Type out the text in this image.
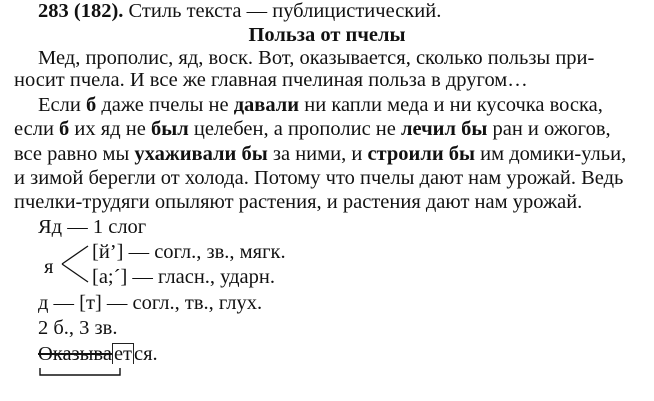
283 (182). Стиль текста — публицистический.
Польза от пчелы
Мед, прополис, яд, воск. Вот, оказывается, сколько пользы при-
носит пчела. И все же главная пчелиная польза в другом…
Если б даже пчелы не давали ни капли меда и ни кусочка воска,
если б их яд не был целебен, а прополис не лечил бы ран и ожогов,
все равно мы ухаживали бы за ними, и строили бы им домики-ульи,
и зимой берегли от холода. Потому что пчелы дают нам урожай. Ведь
пчелки-трудяги опыляют растения, и растения дают нам урожай.
Яд — 1 слог
я
[й’] — согл., зв., мягк.
[а;´] — гласн., ударн.
д — [т] — согл., тв., глух.
2 б., 3 зв.
Оказывается.
